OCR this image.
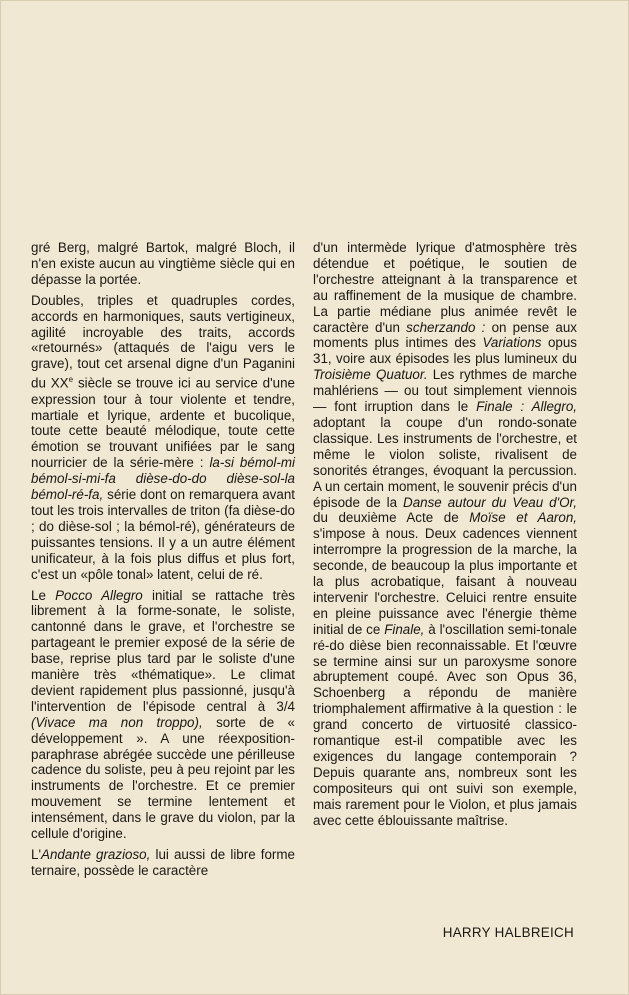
gré Berg, malgré Bartok, malgré Bloch, il n'en existe aucun au vingtième siècle qui en dépasse la portée.

Doubles, triples et quadruples cordes, accords en harmoniques, sauts vertigineux, agilité incroyable des traits, accords «retournés» (attaqués de l'aigu vers le grave), tout cet arsenal digne d'un Paganini du XXe siècle se trouve ici au service d'une expression tour à tour violente et tendre, martiale et lyrique, ardente et bucolique, toute cette beauté mélodique, toute cette émotion se trouvant unifiées par le sang nourricier de la série-mère : la-si bémol-mi bémol-si-mi-fa dièse-do-do dièse-sol-la bémol-ré-fa, série dont on remarquera avant tout les trois intervalles de triton (fa dièse-do ; do dièse-sol ; la bémol-ré), générateurs de puissantes tensions. Il y a un autre élément unificateur, à la fois plus diffus et plus fort, c'est un «pôle tonal» latent, celui de ré.

Le Pocco Allegro initial se rattache très librement à la forme-sonate, le soliste, cantonné dans le grave, et l'orchestre se partageant le premier exposé de la série de base, reprise plus tard par le soliste d'une manière très «thématique». Le climat devient rapidement plus passionné, jusqu'à l'intervention de l'épisode central à 3/4 (Vivace ma non troppo), sorte de « développement ». A une réexposition-paraphrase abrégée succède une périlleuse cadence du soliste, peu à peu rejoint par les instruments de l'orchestre. Et ce premier mouvement se termine lentement et intensément, dans le grave du violon, par la cellule d'origine.

L'Andante grazioso, lui aussi de libre forme ternaire, possède le caractère

d'un intermède lyrique d'atmosphère très détendue et poétique, le soutien de l'orchestre atteignant à la transparence et au raffinement de la musique de chambre. La partie médiane plus animée revêt le caractère d'un scherzando : on pense aux moments plus intimes des Variations opus 31, voire aux épisodes les plus lumineux du Troisième Quatuor. Les rythmes de marche mahlériens — ou tout simplement viennois — font irruption dans le Finale : Allegro, adoptant la coupe d'un rondo-sonate classique. Les instruments de l'orchestre, et même le violon soliste, rivalisent de sonorités étranges, évoquant la percussion. A un certain moment, le souvenir précis d'un épisode de la Danse autour du Veau d'Or, du deuxième Acte de Moïse et Aaron, s'impose à nous. Deux cadences viennent interrompre la progression de la marche, la seconde, de beaucoup la plus importante et la plus acrobatique, faisant à nouveau intervenir l'orchestre. Celuici rentre ensuite en pleine puissance avec l'énergie thème initial de ce Finale, à l'oscillation semi-tonale ré-do dièse bien reconnaissable. Et l'œuvre se termine ainsi sur un paroxysme sonore abruptement coupé. Avec son Opus 36, Schoenberg a répondu de manière triomphalement affirmative à la question : le grand concerto de virtuosité classico-romantique est-il compatible avec les exigences du langage contemporain ? Depuis quarante ans, nombreux sont les compositeurs qui ont suivi son exemple, mais rarement pour le Violon, et plus jamais avec cette éblouissante maîtrise.

HARRY HALBREICH
